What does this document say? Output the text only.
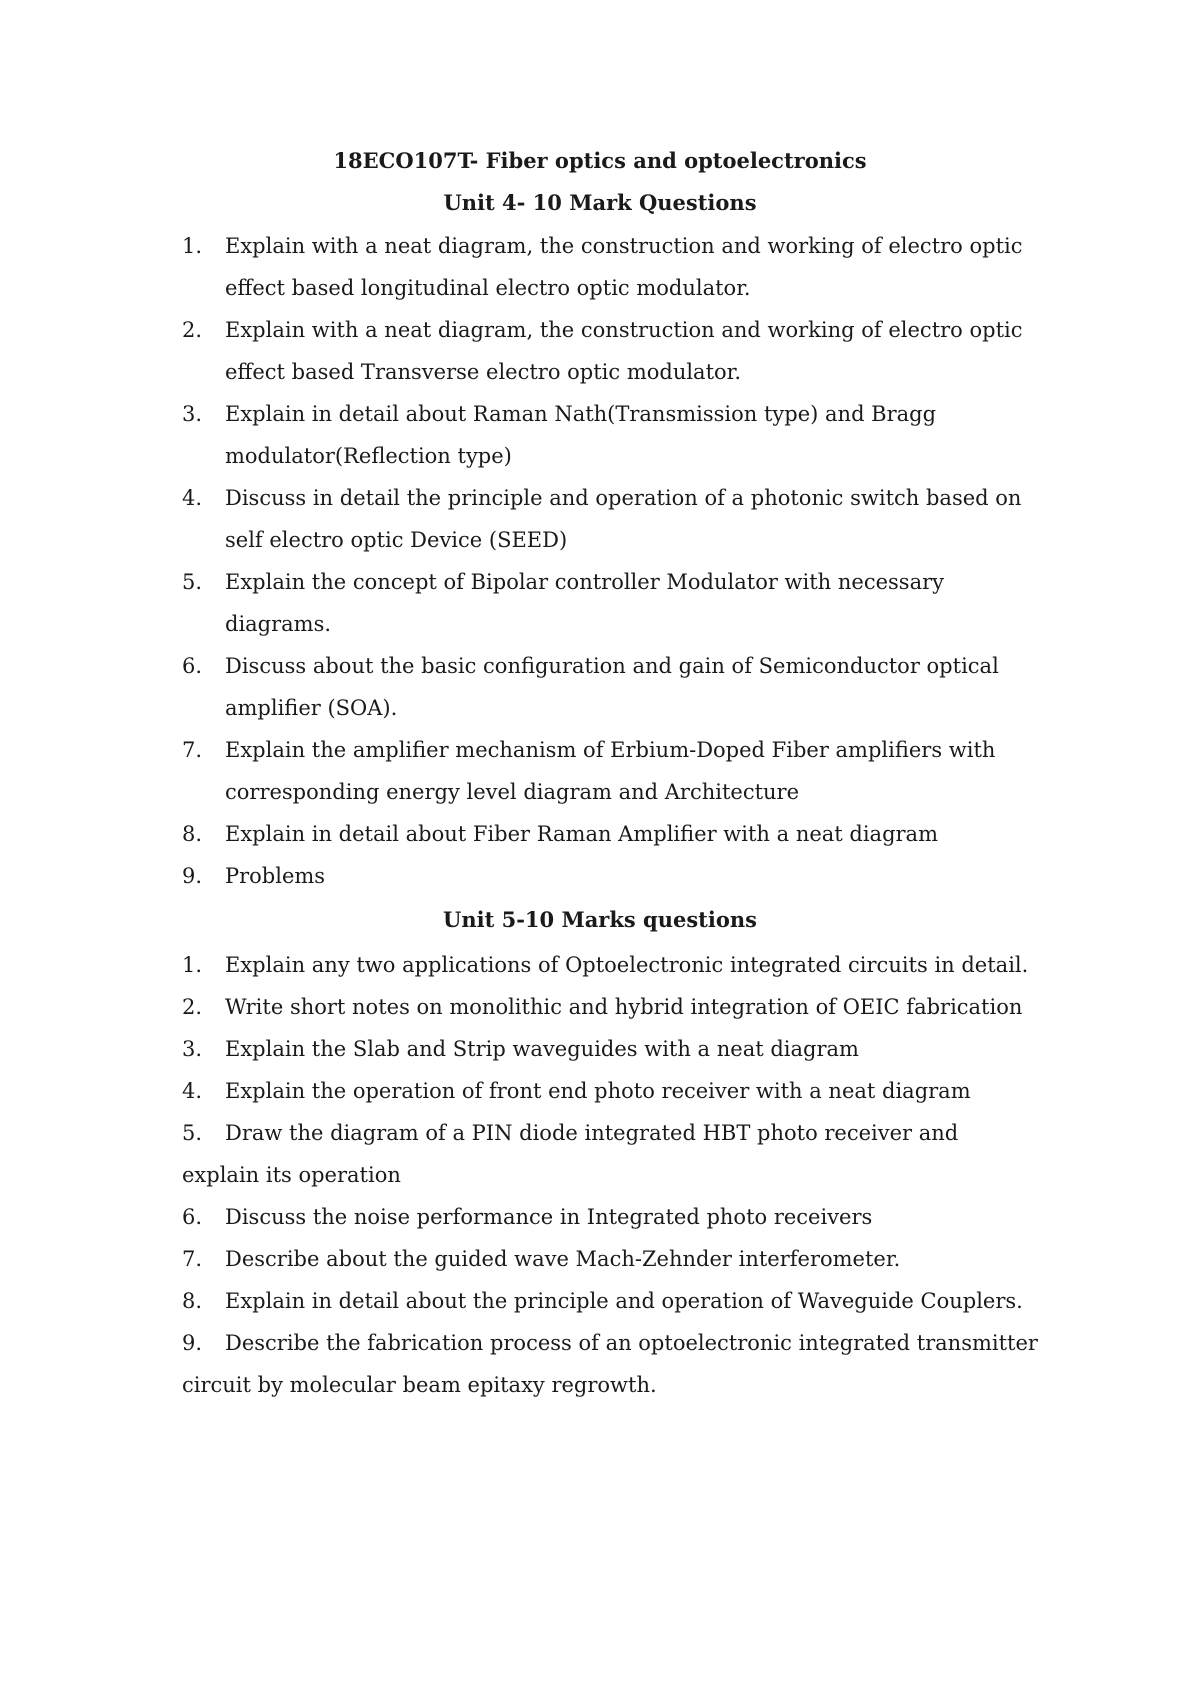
18ECO107T- Fiber optics and optoelectronics
Unit 4- 10 Mark Questions
1. Explain with a neat diagram, the construction and working of electro optic effect based longitudinal electro optic modulator.
2. Explain with a neat diagram, the construction and working of electro optic effect based Transverse electro optic modulator.
3. Explain in detail about Raman Nath(Transmission type) and Bragg modulator(Reflection type)
4. Discuss in detail the principle and operation of a photonic switch based on self electro optic Device (SEED)
5. Explain the concept of Bipolar controller Modulator with necessary diagrams.
6. Discuss about the basic configuration and gain of Semiconductor optical amplifier (SOA).
7. Explain the amplifier mechanism of Erbium-Doped Fiber amplifiers with corresponding energy level diagram and Architecture
8. Explain in detail about Fiber Raman Amplifier with a neat diagram
9. Problems
Unit 5-10 Marks questions
1. Explain any two applications of Optoelectronic integrated circuits in detail.
2. Write short notes on monolithic and hybrid integration of OEIC fabrication
3. Explain the Slab and Strip waveguides with a neat diagram
4. Explain the operation of front end photo receiver with a neat diagram
5. Draw the diagram of a PIN diode integrated HBT photo receiver and explain its operation
6. Discuss the noise performance in Integrated photo receivers
7. Describe about the guided wave Mach-Zehnder interferometer.
8. Explain in detail about the principle and operation of Waveguide Couplers.
9. Describe the fabrication process of an optoelectronic integrated transmitter circuit by molecular beam epitaxy regrowth.
